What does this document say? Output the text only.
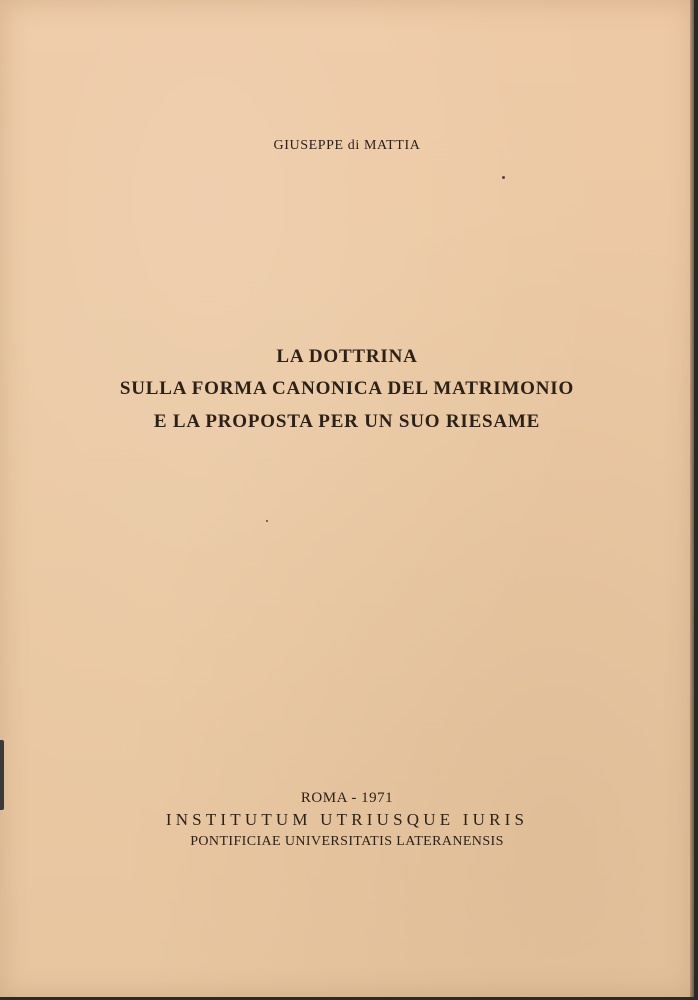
GIUSEPPE di MATTIA
LA DOTTRINA
SULLA FORMA CANONICA DEL MATRIMONIO
E LA PROPOSTA PER UN SUO RIESAME
ROMA - 1971
INSTITUTUM UTRIUSQUE IURIS
PONTIFICIAE UNIVERSITATIS LATERANENSIS
